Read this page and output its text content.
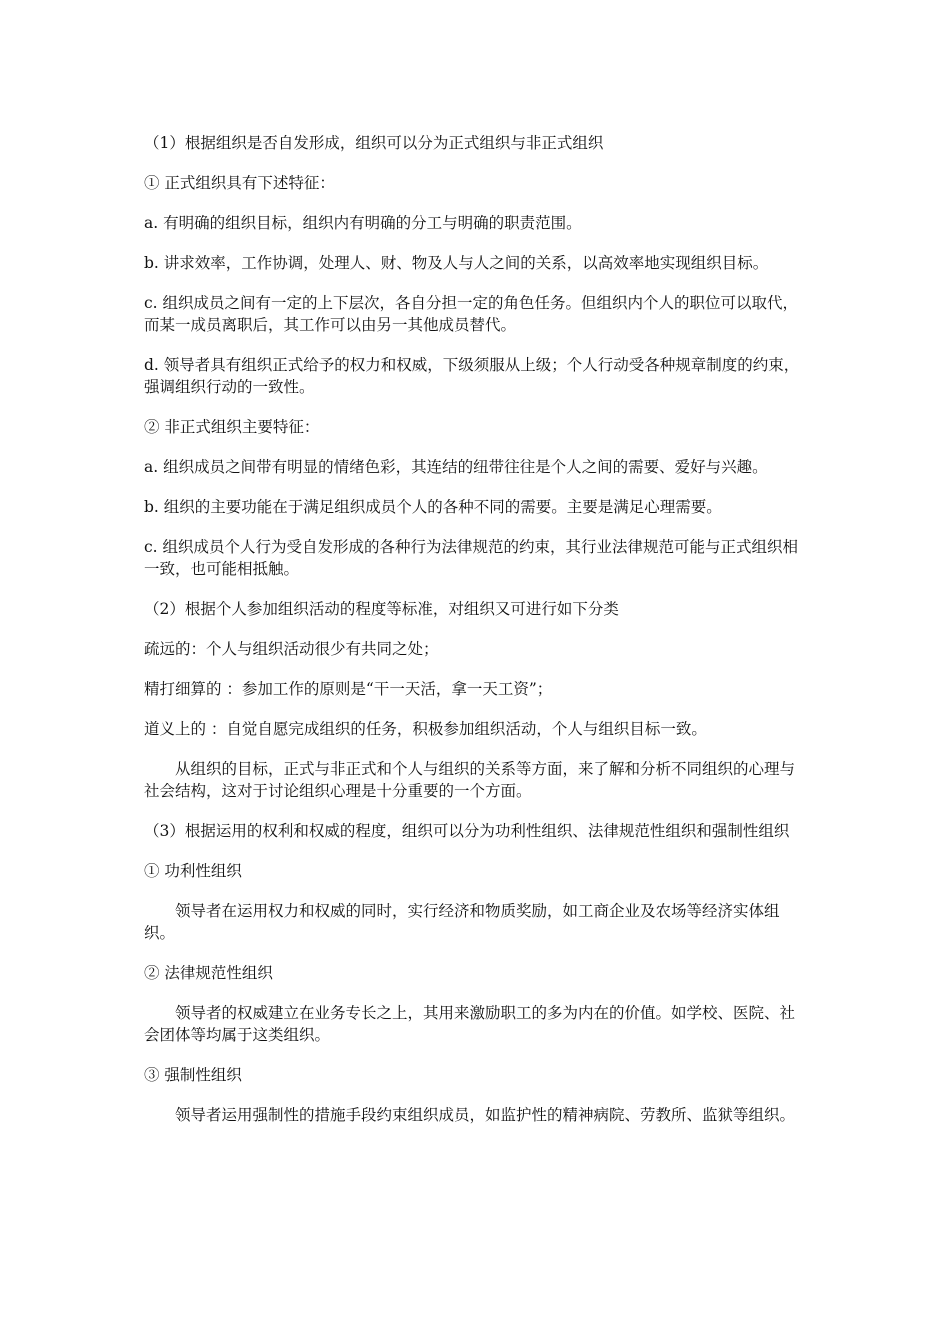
（1）根据组织是否自发形成，组织可以分为正式组织与非正式组织

① 正式组织具有下述特征：

a. 有明确的组织目标，组织内有明确的分工与明确的职责范围。

b. 讲求效率，工作协调，处理人、财、物及人与人之间的关系，以高效率地实现组织目标。

c. 组织成员之间有一定的上下层次，各自分担一定的角色任务。但组织内个人的职位可以取代，而某一成员离职后，其工作可以由另一其他成员替代。

d. 领导者具有组织正式给予的权力和权威，下级须服从上级；个人行动受各种规章制度的约束，强调组织行动的一致性。

② 非正式组织主要特征：

a. 组织成员之间带有明显的情绪色彩，其连结的纽带往往是个人之间的需要、爱好与兴趣。

b. 组织的主要功能在于满足组织成员个人的各种不同的需要。主要是满足心理需要。

c. 组织成员个人行为受自发形成的各种行为法律规范的约束，其行业法律规范可能与正式组织相一致，也可能相抵触。

（2）根据个人参加组织活动的程度等标准，对组织又可进行如下分类

疏远的：个人与组织活动很少有共同之处；

精打细算的 ：参加工作的原则是“干一天活，拿一天工资”；

道义上的 ：自觉自愿完成组织的任务，积极参加组织活动，个人与组织目标一致。

从组织的目标，正式与非正式和个人与组织的关系等方面，来了解和分析不同组织的心理与社会结构，这对于讨论组织心理是十分重要的一个方面。

（3）根据运用的权利和权威的程度，组织可以分为功利性组织、法律规范性组织和强制性组织

① 功利性组织

领导者在运用权力和权威的同时，实行经济和物质奖励，如工商企业及农场等经济实体组织。

② 法律规范性组织

领导者的权威建立在业务专长之上，其用来激励职工的多为内在的价值。如学校、医院、社会团体等均属于这类组织。

③ 强制性组织

领导者运用强制性的措施手段约束组织成员，如监护性的精神病院、劳教所、监狱等组织。
